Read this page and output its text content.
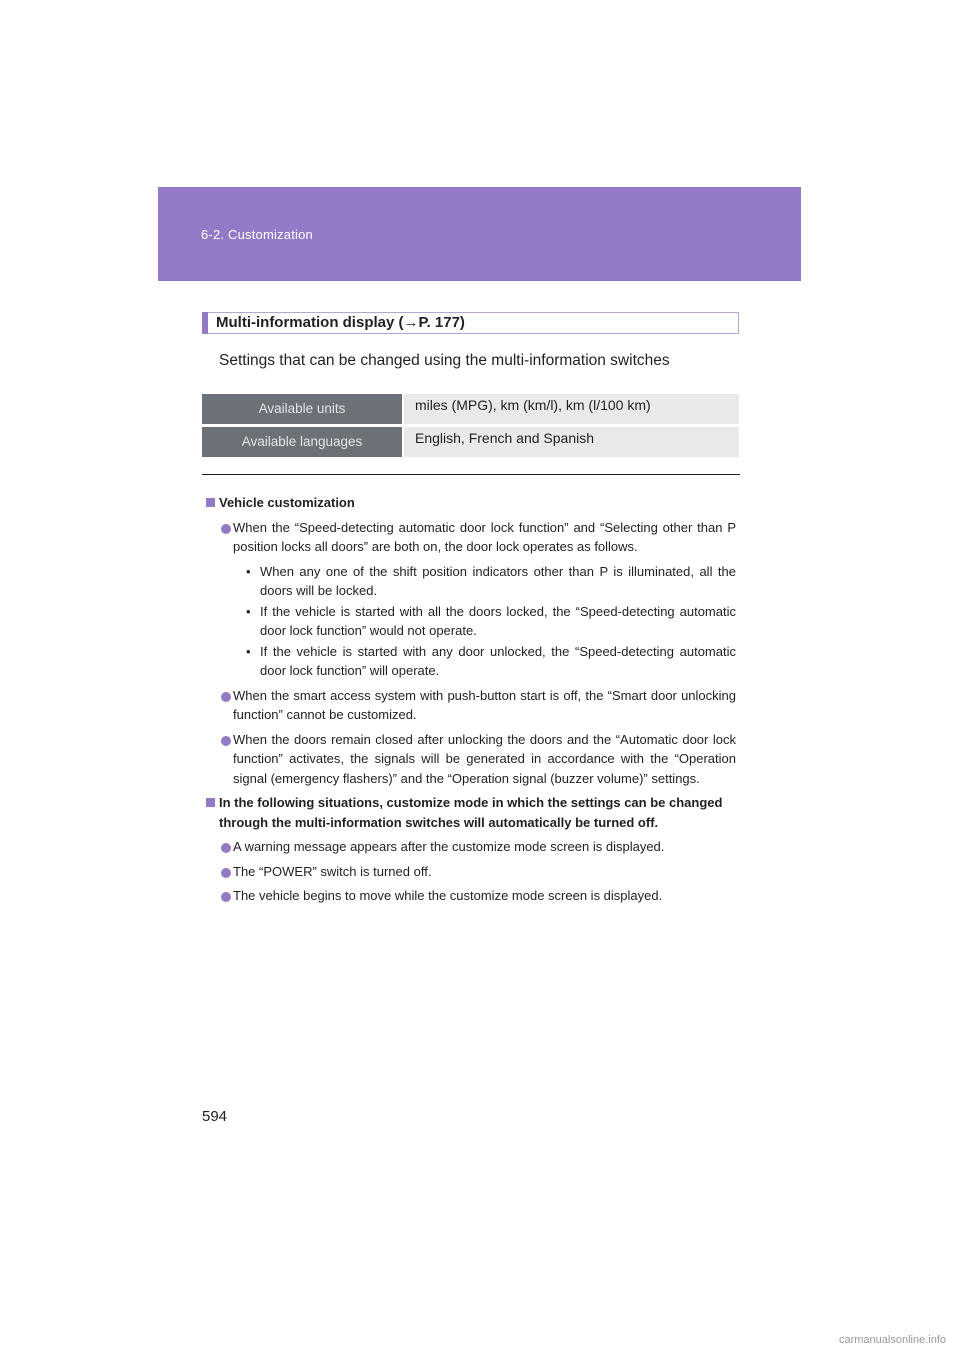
6-2. Customization
Multi-information display (→P. 177)
Settings that can be changed using the multi-information switches
Available units	miles (MPG), km (km/l), km (l/100 km)
Available languages	English, French and Spanish
Vehicle customization
When the “Speed-detecting automatic door lock function” and “Selecting other than P position locks all doors” are both on, the door lock operates as follows.
• When any one of the shift position indicators other than P is illuminated, all the doors will be locked.
• If the vehicle is started with all the doors locked, the “Speed-detecting automatic door lock function” would not operate.
• If the vehicle is started with any door unlocked, the “Speed-detecting automatic door lock function” will operate.
When the smart access system with push-button start is off, the “Smart door unlocking function” cannot be customized.
When the doors remain closed after unlocking the doors and the “Automatic door lock function” activates, the signals will be generated in accordance with the “Operation signal (emergency flashers)” and the “Operation signal (buzzer volume)” settings.
In the following situations, customize mode in which the settings can be changed through the multi-information switches will automatically be turned off.
A warning message appears after the customize mode screen is displayed.
The “POWER” switch is turned off.
The vehicle begins to move while the customize mode screen is displayed.
594
carmanualsonline.info
